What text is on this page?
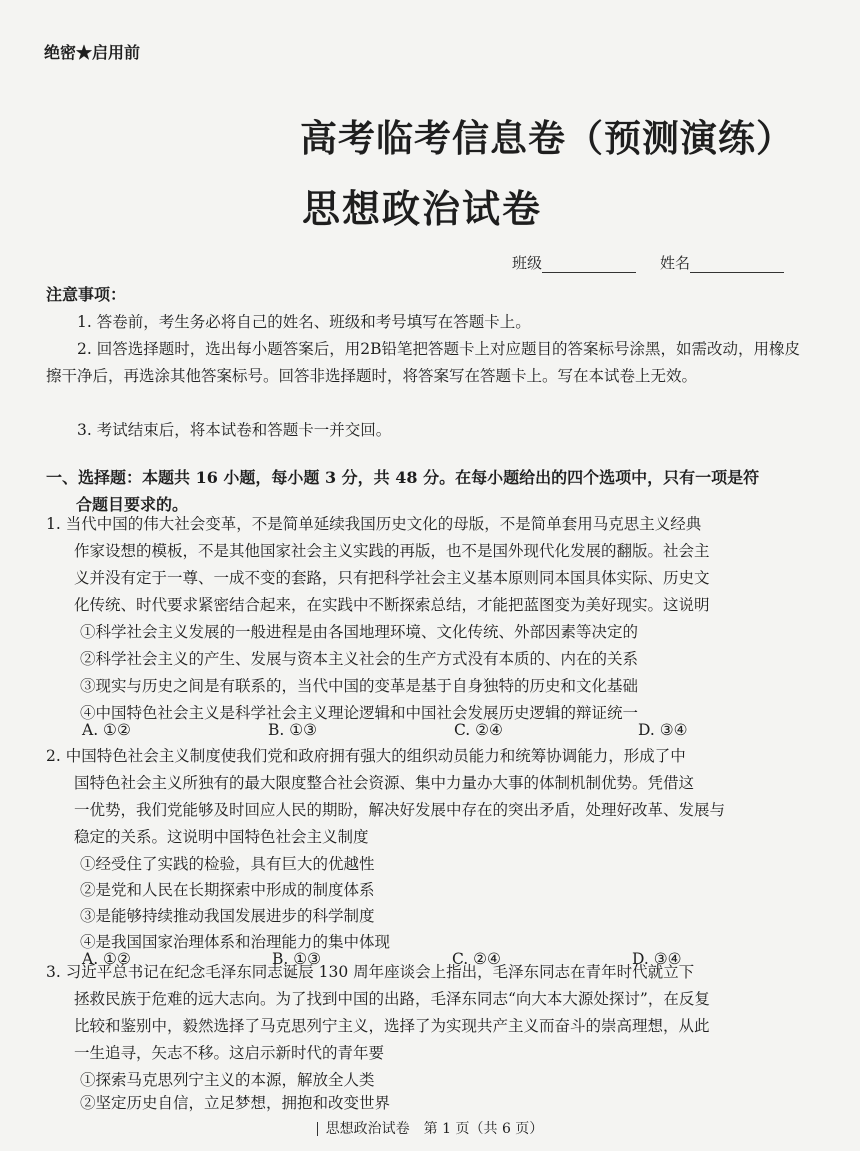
绝密★启用前
高考临考信息卷（预测演练）
思想政治试卷
班级	姓名
注意事项：
1. 答卷前，考生务必将自己的姓名、班级和考号填写在答题卡上。
2. 回答选择题时，选出每小题答案后，用2B铅笔把答题卡上对应题目的答案标号涂黑，如需改动，用橡皮擦干净后，再选涂其他答案标号。回答非选择题时，将答案写在答题卡上。写在本试卷上无效。
3. 考试结束后，将本试卷和答题卡一并交回。
一、选择题：本题共 16 小题，每小题 3 分，共 48 分。在每小题给出的四个选项中，只有一项是符
合题目要求的。
1. 当代中国的伟大社会变革，不是简单延续我国历史文化的母版，不是简单套用马克思主义经典
作家设想的模板，不是其他国家社会主义实践的再版，也不是国外现代化发展的翻版。社会主
义并没有定于一尊、一成不变的套路，只有把科学社会主义基本原则同本国具体实际、历史文
化传统、时代要求紧密结合起来，在实践中不断探索总结，才能把蓝图变为美好现实。这说明
①科学社会主义发展的一般进程是由各国地理环境、文化传统、外部因素等决定的
②科学社会主义的产生、发展与资本主义社会的生产方式没有本质的、内在的关系
③现实与历史之间是有联系的，当代中国的变革是基于自身独特的历史和文化基础
④中国特色社会主义是科学社会主义理论逻辑和中国社会发展历史逻辑的辩证统一
A. ①②	B. ①③	C. ②④	D. ③④
2. 中国特色社会主义制度使我们党和政府拥有强大的组织动员能力和统筹协调能力，形成了中
国特色社会主义所独有的最大限度整合社会资源、集中力量办大事的体制机制优势。凭借这
一优势，我们党能够及时回应人民的期盼，解决好发展中存在的突出矛盾，处理好改革、发展与
稳定的关系。这说明中国特色社会主义制度
①经受住了实践的检验，具有巨大的优越性
②是党和人民在长期探索中形成的制度体系
③是能够持续推动我国发展进步的科学制度
④是我国国家治理体系和治理能力的集中体现
A. ①②	B. ①③	C. ②④	D. ③④
3. 习近平总书记在纪念毛泽东同志诞辰 130 周年座谈会上指出，毛泽东同志在青年时代就立下
拯救民族于危难的远大志向。为了找到中国的出路，毛泽东同志“向大本大源处探讨”，在反复
比较和鉴别中，毅然选择了马克思列宁主义，选择了为实现共产主义而奋斗的崇高理想，从此
一生追寻，矢志不移。这启示新时代的青年要
①探索马克思列宁主义的本源，解放全人类
②坚定历史自信，立足梦想，拥抱和改变世界
思想政治试卷　第 1 页（共 6 页）
